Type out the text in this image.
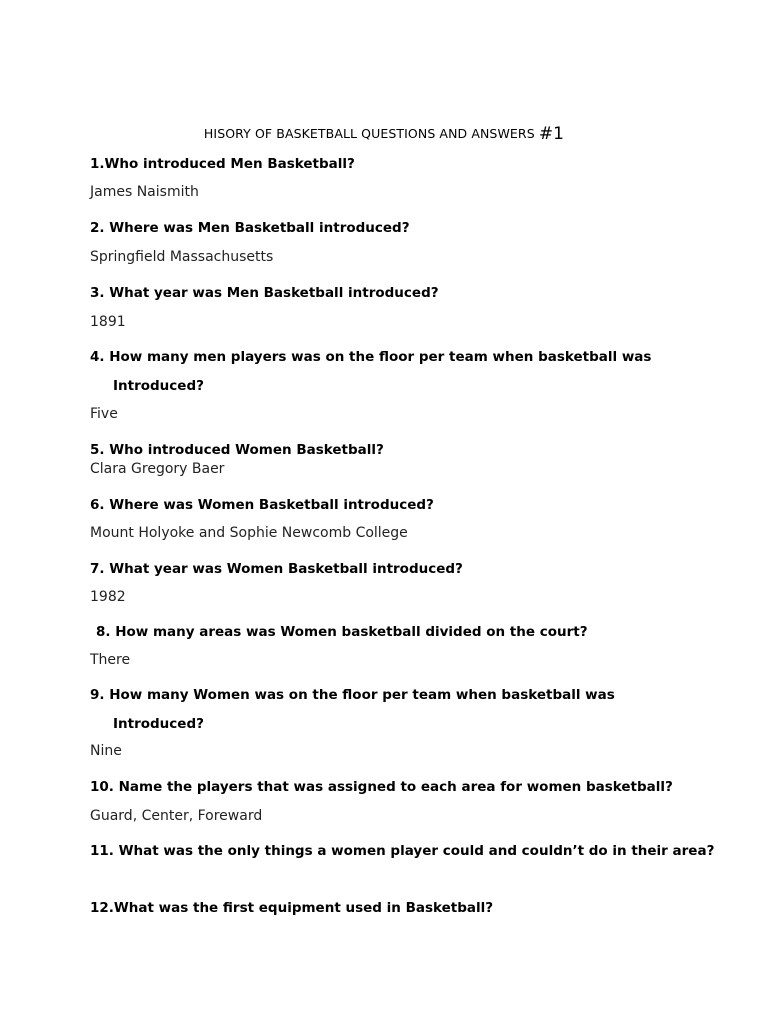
HISORY OF BASKETBALL QUESTIONS AND ANSWERS #1
1.Who introduced Men Basketball?
James Naismith
2. Where was Men Basketball introduced?
Springfield Massachusetts
3. What year was Men Basketball introduced?
1891
4. How many men players was on the floor per team when basketball was
Introduced?
Five
5. Who introduced Women Basketball?
Clara Gregory Baer
6. Where was Women Basketball introduced?
Mount Holyoke and Sophie Newcomb College
7. What year was Women Basketball introduced?
1982
8. How many areas was Women basketball divided on the court?
There
9. How many Women was on the floor per team when basketball was
Introduced?
Nine
10. Name the players that was assigned to each area for women basketball?
Guard, Center, Foreward
11. What was the only things a women player could and couldn’t do in their area?
12.What was the first equipment used in Basketball?
